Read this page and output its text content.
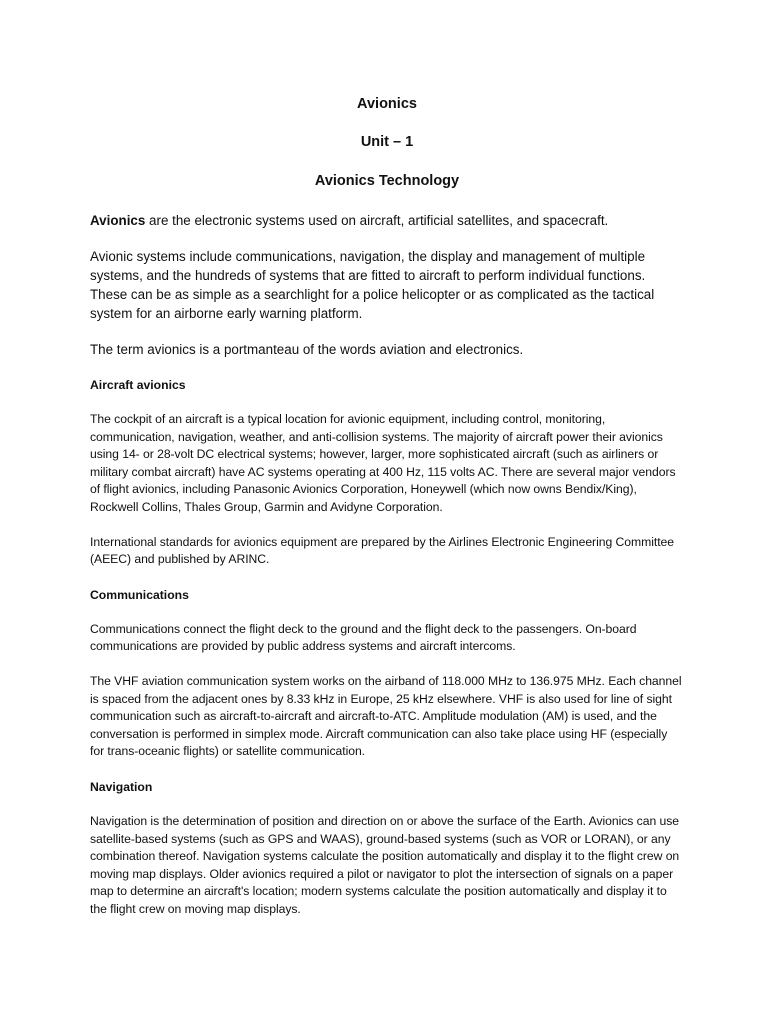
Avionics
Unit – 1
Avionics Technology

Avionics are the electronic systems used on aircraft, artificial satellites, and spacecraft.

Avionic systems include communications, navigation, the display and management of multiple systems, and the hundreds of systems that are fitted to aircraft to perform individual functions. These can be as simple as a searchlight for a police helicopter or as complicated as the tactical system for an airborne early warning platform.

The term avionics is a portmanteau of the words aviation and electronics.

Aircraft avionics

The cockpit of an aircraft is a typical location for avionic equipment, including control, monitoring, communication, navigation, weather, and anti-collision systems. The majority of aircraft power their avionics using 14- or 28-volt DC electrical systems; however, larger, more sophisticated aircraft (such as airliners or military combat aircraft) have AC systems operating at 400 Hz, 115 volts AC. There are several major vendors of flight avionics, including Panasonic Avionics Corporation, Honeywell (which now owns Bendix/King), Rockwell Collins, Thales Group, Garmin and Avidyne Corporation.

International standards for avionics equipment are prepared by the Airlines Electronic Engineering Committee (AEEC) and published by ARINC.

Communications

Communications connect the flight deck to the ground and the flight deck to the passengers. On-board communications are provided by public address systems and aircraft intercoms.

The VHF aviation communication system works on the airband of 118.000 MHz to 136.975 MHz. Each channel is spaced from the adjacent ones by 8.33 kHz in Europe, 25 kHz elsewhere. VHF is also used for line of sight communication such as aircraft-to-aircraft and aircraft-to-ATC. Amplitude modulation (AM) is used, and the conversation is performed in simplex mode. Aircraft communication can also take place using HF (especially for trans-oceanic flights) or satellite communication.

Navigation

Navigation is the determination of position and direction on or above the surface of the Earth. Avionics can use satellite-based systems (such as GPS and WAAS), ground-based systems (such as VOR or LORAN), or any combination thereof. Navigation systems calculate the position automatically and display it to the flight crew on moving map displays. Older avionics required a pilot or navigator to plot the intersection of signals on a paper map to determine an aircraft's location; modern systems calculate the position automatically and display it to the flight crew on moving map displays.
